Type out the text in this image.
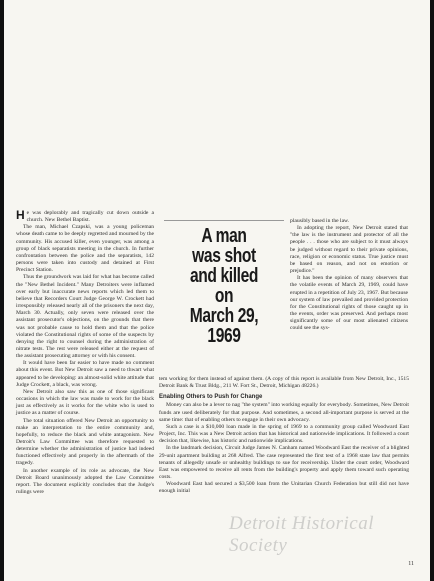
A man
was shot
and killed
on
March 29,
1969

He was deplorably and tragically cut down outside a church. New Bethel Baptist.

The man, Michael Czapski, was a young policeman whose death came to be deeply regretted and mourned by the community. His accused killer, even younger, was among a group of black separatists meeting in the church. In further confrontation between the police and the separatists, 142 persons were taken into custody and detained at First Precinct Station.

Thus the groundwork was laid for what has become called the "New Bethel Incident." Many Detroiters were inflamed over early but inaccurate news reports which led them to believe that Recorders Court Judge George W. Crockett had irresponsibly released nearly all of the prisoners the next day, March 30. Actually, only seven were released over the assistant prosecutor's objections, on the grounds that there was not probable cause to hold them and that the police violated the Constitutional rights of some of the suspects by denying the right to counsel during the administration of nitrate tests. The rest were released either at the request of the assistant prosecuting attorney or with his consent.

It would have been far easier to have made no comment about this event. But New Detroit saw a need to thwart what appeared to be developing: an almost-solid white attitude that Judge Crockett, a black, was wrong.

New Detroit also saw this as one of those significant occasions in which the law was made to work for the black just as effectively as it works for the white who is used to justice as a matter of course.

The total situation offered New Detroit an opportunity to make an interpretation to the entire community and, hopefully, to reduce the black and white antagonism. New Detroit's Law Committee was therefore requested to determine whether the administration of justice had indeed functioned effectively and properly in the aftermath of the tragedy.

In another example of its role as advocate, the New Detroit Board unanimously adopted the Law Committee report. The document explicitly concludes that the Judge's rulings were

plausibly based in the law.

In adopting the report, New Detroit stated that "the law is the instrument and protector of all the people . . . those who are subject to it must always be judged without regard to their private opinions, race, religion or economic status. True justice must be based on reason, and not on emotion or prejudice."

It has been the opinion of many observers that the volatile events of March 29, 1969, could have erupted in a repetition of July 23, 1967. But because our system of law prevailed and provided protection for the Constitutional rights of those caught up in the events, order was preserved. And perhaps most significantly some of our most alienated citizens could see the sys-

tem working for them instead of against them. (A copy of this report is available from New Detroit, Inc., 1515 Detroit Bank & Trust Bldg., 211 W. Fort St., Detroit, Michigan 48226.)

Enabling Others to Push for Change

Money can also be a lever to nag "the system" into working equally for everybody. Sometimes, New Detroit funds are used deliberately for that purpose. And sometimes, a second all-important purpose is served at the same time: that of enabling others to engage in their own advocacy.

Such a case is a $10,000 loan made in the spring of 1969 to a community group called Woodward East Project, Inc. This was a New Detroit action that has historical and nationwide implications. It followed a court decision that, likewise, has historic and nationwide implications.

In the landmark decision, Circuit Judge James N. Canham named Woodward East the receiver of a blighted 29-unit apartment building at 268 Alfred. The case represented the first test of a 1968 state law that permits tenants of allegedly unsafe or unhealthy buildings to sue for receivership. Under the court order, Woodward East was empowered to receive all rents from the building's property and apply them toward such operating costs.

Woodward East had secured a $3,500 loan from the Unitarian Church Federation but still did not have enough initial

Detroit Historical Society
11
